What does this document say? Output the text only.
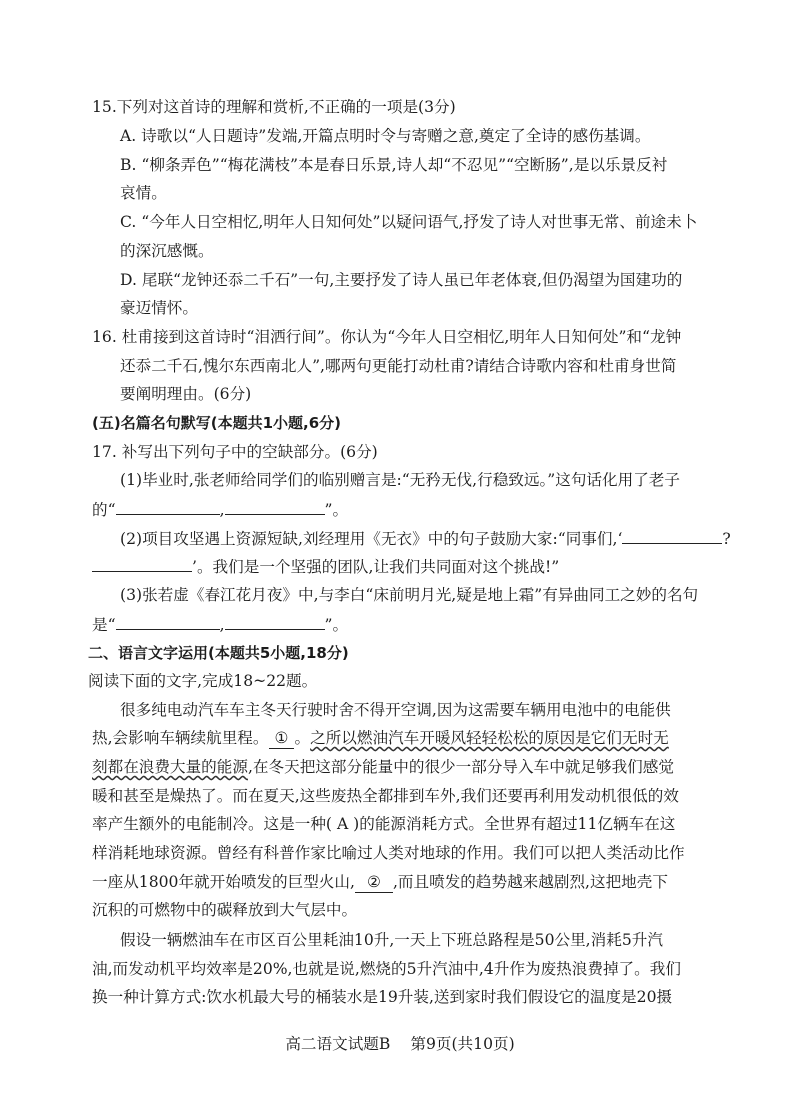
15.下列对这首诗的理解和赏析,不正确的一项是(3分)
A. 诗歌以“人日题诗”发端,开篇点明时令与寄赠之意,奠定了全诗的感伤基调。
B. “柳条弄色”“梅花满枝”本是春日乐景,诗人却“不忍见”“空断肠”,是以乐景反衬
哀情。
C. “今年人日空相忆,明年人日知何处”以疑问语气,抒发了诗人对世事无常、前途未卜
的深沉感慨。
D. 尾联“龙钟还忝二千石”一句,主要抒发了诗人虽已年老体衰,但仍渴望为国建功的
豪迈情怀。
16. 杜甫接到这首诗时“泪洒行间”。你认为“今年人日空相忆,明年人日知何处”和“龙钟
还忝二千石,愧尔东西南北人”,哪两句更能打动杜甫?请结合诗歌内容和杜甫身世简
要阐明理由。(6分)
(五)名篇名句默写(本题共1小题,6分)
17. 补写出下列句子中的空缺部分。(6分)
(1)毕业时,张老师给同学们的临别赠言是:“无矜无伐,行稳致远。”这句话化用了老子
的“	,	”。
(2)项目攻坚遇上资源短缺,刘经理用《无衣》中的句子鼓励大家:“同事们,‘	?
’。我们是一个坚强的团队,让我们共同面对这个挑战!”
(3)张若虚《春江花月夜》中,与李白“床前明月光,疑是地上霜”有异曲同工之妙的名句
是“	,	”。
二、语言文字运用(本题共5小题,18分)
阅读下面的文字,完成18~22题。
很多纯电动汽车车主冬天行驶时舍不得开空调,因为这需要车辆用电池中的电能供
热,会影响车辆续航里程。 ① 。之所以燃油汽车开暖风轻轻松松的原因是它们无时无
刻都在浪费大量的能源,在冬天把这部分能量中的很少一部分导入车中就足够我们感觉
暖和甚至是燥热了。而在夏天,这些废热全都排到车外,我们还要再利用发动机很低的效
率产生额外的电能制冷。这是一种( A )的能源消耗方式。全世界有超过11亿辆车在这
样消耗地球资源。曾经有科普作家比喻过人类对地球的作用。我们可以把人类活动比作
一座从1800年就开始喷发的巨型火山, ② ,而且喷发的趋势越来越剧烈,这把地壳下
沉积的可燃物中的碳释放到大气层中。
假设一辆燃油车在市区百公里耗油10升,一天上下班总路程是50公里,消耗5升汽
油,而发动机平均效率是20%,也就是说,燃烧的5升汽油中,4升作为废热浪费掉了。我们
换一种计算方式:饮水机最大号的桶装水是19升装,送到家时我们假设它的温度是20摄
高二语文试题B 第9页(共10页)
